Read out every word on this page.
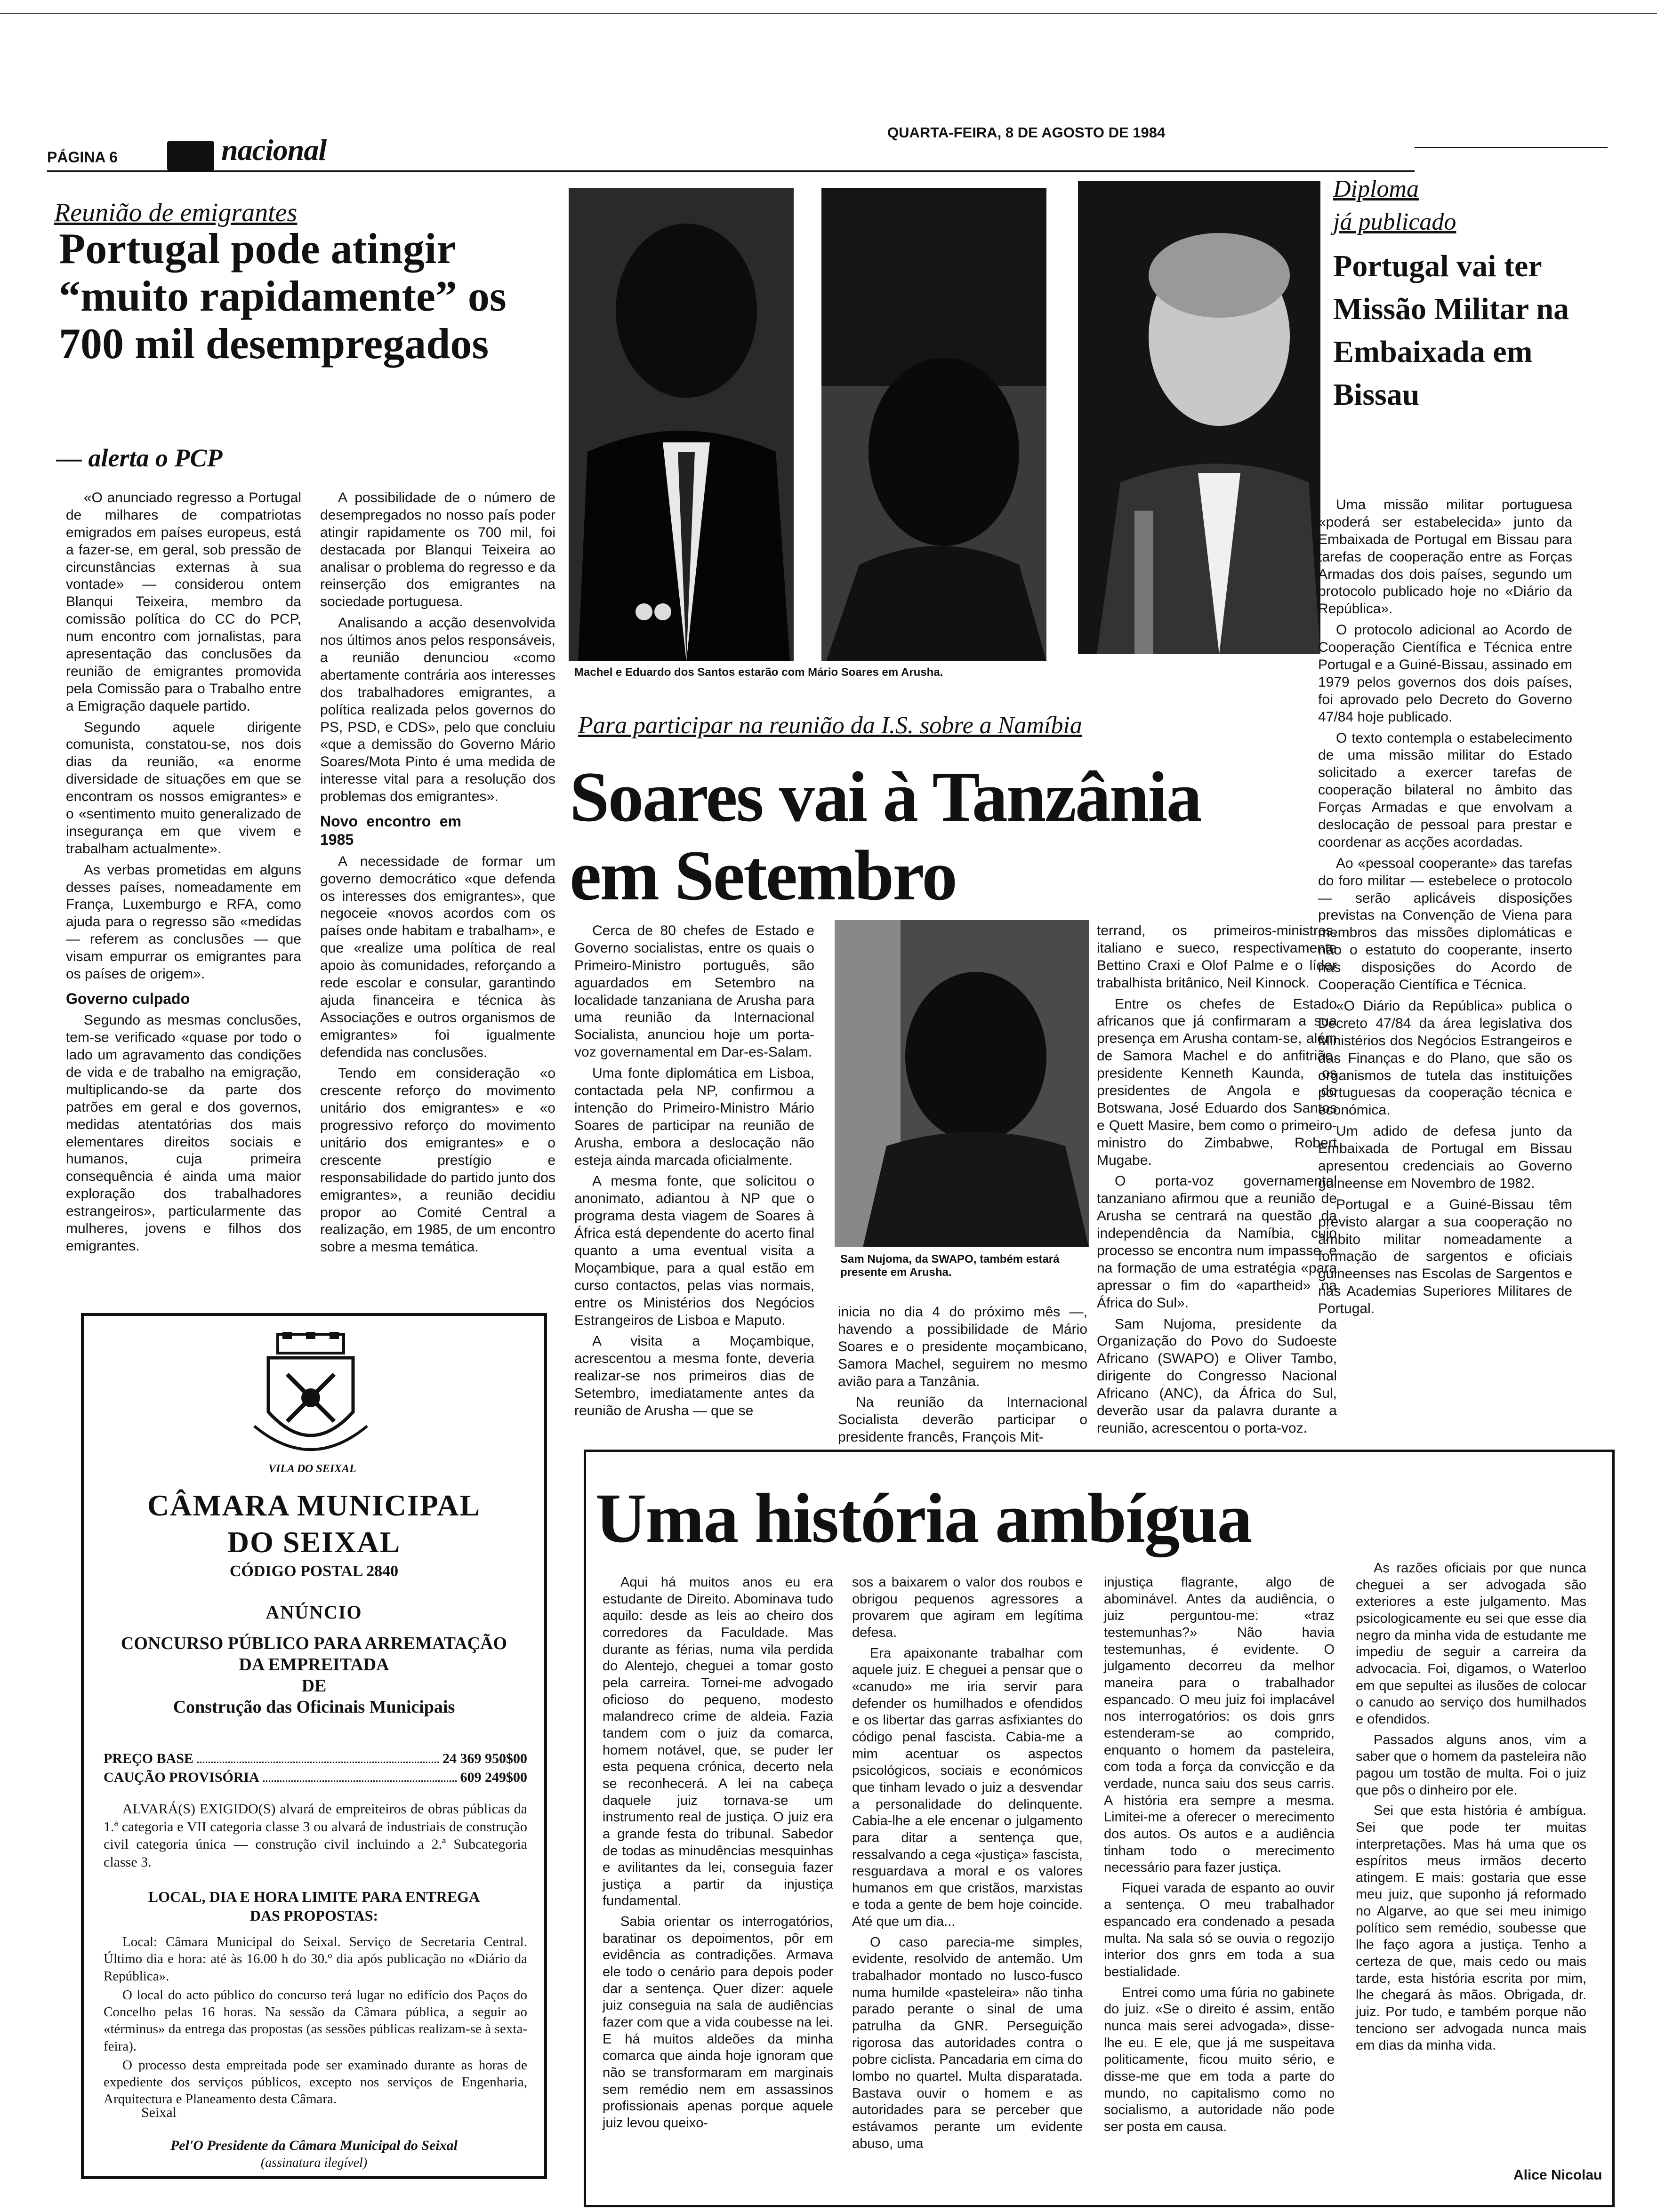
PÁGINA 6	nacional
QUARTA-FEIRA, 8 DE AGOSTO DE 1984
Reunião de emigrantes
Portugal pode atingir “muito rapidamente” os 700 mil desempregados
— alerta o PCP

«O anunciado regresso a Portugal de milhares de compatriotas emigrados em países europeus, está a fazer-se, em geral, sob pressão de circunstâncias externas à sua vontade» — considerou ontem Blanqui Teixeira, membro da comissão política do CC do PCP, num encontro com jornalistas, para apresentação das conclusões da reunião de emigrantes promovida pela Comissão para o Trabalho entre a Emigração daquele partido.

Segundo aquele dirigente comunista, constatou-se, nos dois dias da reunião, «a enorme diversidade de situações em que se encontram os nossos emigrantes» e o «sentimento muito generalizado de insegurança em que vivem e trabalham actualmente».

As verbas prometidas em alguns desses países, nomeadamente em França, Luxemburgo e RFA, como ajuda para o regresso são «medidas — referem as conclusões — que visam empurrar os emigrantes para os países de origem».

Governo culpado

Segundo as mesmas conclusões, tem-se verificado «quase por todo o lado um agravamento das condições de vida e de trabalho na emigração, multiplicando-se da parte dos patrões em geral e dos governos, medidas atentatórias dos mais elementares direitos sociais e humanos, cuja primeira consequência é ainda uma maior exploração dos trabalhadores estrangeiros», particularmente das mulheres, jovens e filhos dos emigrantes.

A possibilidade de o número de desempregados no nosso país poder atingir rapidamente os 700 mil, foi destacada por Blanqui Teixeira ao analisar o problema do regresso e da reinserção dos emigrantes na sociedade portuguesa.

Analisando a acção desenvolvida nos últimos anos pelos responsáveis, a reunião denunciou «como abertamente contrária aos interesses dos trabalhadores emigrantes, a política realizada pelos governos do PS, PSD, e CDS», pelo que concluiu «que a demissão do Governo Mário Soares/Mota Pinto é uma medida de interesse vital para a resolução dos problemas dos emigrantes».

Novo encontro em 1985

A necessidade de formar um governo democrático «que defenda os interesses dos emigrantes», que negoceie «novos acordos com os países onde habitam e trabalham», e que «realize uma política de real apoio às comunidades, reforçando a rede escolar e consular, garantindo ajuda financeira e técnica às Associações e outros organismos de emigrantes» foi igualmente defendida nas conclusões.

Tendo em consideração «o crescente reforço do movimento unitário dos emigrantes» e «o progressivo reforço do movimento unitário dos emigrantes» e o crescente prestígio e responsabilidade do partido junto dos emigrantes», a reunião decidiu propor ao Comité Central a realização, em 1985, de um encontro sobre a mesma temática.

Machel e Eduardo dos Santos estarão com Mário Soares em Arusha.
Para participar na reunião da I.S. sobre a Namíbia
Soares vai à Tanzânia em Setembro

Cerca de 80 chefes de Estado e Governo socialistas, entre os quais o Primeiro-Ministro português, são aguardados em Setembro na localidade tanzaniana de Arusha para uma reunião da Internacional Socialista, anunciou hoje um porta-voz governamental em Dar-es-Salam.

Uma fonte diplomática em Lisboa, contactada pela NP, confirmou a intenção do Primeiro-Ministro Mário Soares de participar na reunião de Arusha, embora a deslocação não esteja ainda marcada oficialmente.

A mesma fonte, que solicitou o anonimato, adiantou à NP que o programa desta viagem de Soares à África está dependente do acerto final quanto a uma eventual visita a Moçambique, para a qual estão em curso contactos, pelas vias normais, entre os Ministérios dos Negócios Estrangeiros de Lisboa e Maputo.

A visita a Moçambique, acrescentou a mesma fonte, deveria realizar-se nos primeiros dias de Setembro, imediatamente antes da reunião de Arusha — que se

Sam Nujoma, da SWAPO, também estará presente em Arusha.

inicia no dia 4 do próximo mês —, havendo a possibilidade de Mário Soares e o presidente moçambicano, Samora Machel, seguirem no mesmo avião para a Tanzânia.

Na reunião da Internacional Socialista deverão participar o presidente francês, François Mit-

terrand, os primeiros-ministros, italiano e sueco, respectivamente Bettino Craxi e Olof Palme e o líder trabalhista britânico, Neil Kinnock.

Entre os chefes de Estado africanos que já confirmaram a sua presença em Arusha contam-se, além de Samora Machel e do anfitrião, presidente Kenneth Kaunda, os presidentes de Angola e do Botswana, José Eduardo dos Santos e Quett Masire, bem como o primeiro-ministro do Zimbabwe, Robert Mugabe.

O porta-voz governamental tanzaniano afirmou que a reunião de Arusha se centrará na questão da independência da Namíbia, cujo processo se encontra num impasse, e na formação de uma estratégia «para apressar o fim do «apartheid» na África do Sul».

Sam Nujoma, presidente da Organização do Povo do Sudoeste Africano (SWAPO) e Oliver Tambo, dirigente do Congresso Nacional Africano (ANC), da África do Sul, deverão usar da palavra durante a reunião, acrescentou o porta-voz.

Diploma
já publicado
Portugal vai ter Missão Militar na Embaixada em Bissau

Uma missão militar portuguesa «poderá ser estabelecida» junto da Embaixada de Portugal em Bissau para tarefas de cooperação entre as Forças Armadas dos dois países, segundo um protocolo publicado hoje no «Diário da República».

O protocolo adicional ao Acordo de Cooperação Científica e Técnica entre Portugal e a Guiné-Bissau, assinado em 1979 pelos governos dos dois países, foi aprovado pelo Decreto do Governo 47/84 hoje publicado.

O texto contempla o estabelecimento de uma missão militar do Estado solicitado a exercer tarefas de cooperação bilateral no âmbito das Forças Armadas e que envolvam a deslocação de pessoal para prestar e coordenar as acções acordadas.

Ao «pessoal cooperante» das tarefas do foro militar — estebelece o protocolo — serão aplicáveis disposições previstas na Convenção de Viena para membros das missões diplomáticas e não o estatuto do cooperante, inserto nas disposições do Acordo de Cooperação Científica e Técnica.

«O Diário da República» publica o Decreto 47/84 da área legislativa dos Ministérios dos Negócios Estrangeiros e das Finanças e do Plano, que são os organismos de tutela das instituições portuguesas da cooperação técnica e económica.

Um adido de defesa junto da Embaixada de Portugal em Bissau apresentou credenciais ao Governo guineense em Novembro de 1982.

Portugal e a Guiné-Bissau têm previsto alargar a sua cooperação no âmbito militar nomeadamente a formação de sargentos e oficiais guineenses nas Escolas de Sargentos e nas Academias Superiores Militares de Portugal.

VILA DO SEIXAL
CÂMARA MUNICIPAL
DO SEIXAL
CÓDIGO POSTAL 2840
ANÚNCIO
CONCURSO PÚBLICO PARA ARREMATAÇÃO
DA EMPREITADA
DE
Construção das Oficinais Municipais
PREÇO BASE	24 369 950$00
CAUÇÃO PROVISÓRIA	609 249$00
ALVARÁ(S) EXIGIDO(S) alvará de empreiteiros de obras públicas da 1.ª categoria e VII categoria classe 3 ou alvará de industriais de construção civil categoria única — construção civil incluindo a 2.ª Subcategoria classe 3.
LOCAL, DIA E HORA LIMITE PARA ENTREGA
DAS PROPOSTAS:
Local: Câmara Municipal do Seixal. Serviço de Secretaria Central. Último dia e hora: até às 16.00 h do 30.º dia após publicação no «Diário da República».
O local do acto público do concurso terá lugar no edifício dos Paços do Concelho pelas 16 horas. Na sessão da Câmara pública, a seguir ao «términus» da entrega das propostas (as sessões públicas realizam-se à sexta-feira).
O processo desta empreitada pode ser examinado durante as horas de expediente dos serviços públicos, excepto nos serviços de Engenharia, Arquitectura e Planeamento desta Câmara.
Seixal
Pel'O Presidente da Câmara Municipal do Seixal
(assinatura ilegível)
Uma história ambígua

Aqui há muitos anos eu era estudante de Direito. Abominava tudo aquilo: desde as leis ao cheiro dos corredores da Faculdade. Mas durante as férias, numa vila perdida do Alentejo, cheguei a tomar gosto pela carreira. Tornei-me advogado oficioso do pequeno, modesto malandreco crime de aldeia. Fazia tandem com o juiz da comarca, homem notável, que, se puder ler esta pequena crónica, decerto nela se reconhecerá. A lei na cabeça daquele juiz tornava-se um instrumento real de justiça. O juiz era a grande festa do tribunal. Sabedor de todas as minudências mesquinhas e avilitantes da lei, conseguia fazer justiça a partir da injustiça fundamental.

Sabia orientar os interrogatórios, baratinar os depoimentos, pôr em evidência as contradições. Armava ele todo o cenário para depois poder dar a sentença. Quer dizer: aquele juiz conseguia na sala de audiências fazer com que a vida coubesse na lei. E há muitos aldeões da minha comarca que ainda hoje ignoram que não se transformaram em marginais sem remédio nem em assassinos profissionais apenas porque aquele juiz levou queixo-

sos a baixarem o valor dos roubos e obrigou pequenos agressores a provarem que agiram em legítima defesa.

Era apaixonante trabalhar com aquele juiz. E cheguei a pensar que o «canudo» me iria servir para defender os humilhados e ofendidos e os libertar das garras asfixiantes do código penal fascista. Cabia-me a mim acentuar os aspectos psicológicos, sociais e económicos que tinham levado o juiz a desvendar a personalidade do delinquente. Cabia-lhe a ele encenar o julgamento para ditar a sentença que, ressalvando a cega «justiça» fascista, resguardava a moral e os valores humanos em que cristãos, marxistas e toda a gente de bem hoje coincide. Até que um dia...

O caso parecia-me simples, evidente, resolvido de antemão. Um trabalhador montado no lusco-fusco numa humilde «pasteleira» não tinha parado perante o sinal de uma patrulha da GNR. Perseguição rigorosa das autoridades contra o pobre ciclista. Pancadaria em cima do lombo no quartel. Multa disparatada. Bastava ouvir o homem e as autoridades para se perceber que estávamos perante um evidente abuso, uma

injustiça flagrante, algo de abominável. Antes da audiência, o juiz perguntou-me: «traz testemunhas?» Não havia testemunhas, é evidente. O julgamento decorreu da melhor maneira para o trabalhador espancado. O meu juiz foi implacável nos interrogatórios: os dois gnrs estenderam-se ao comprido, enquanto o homem da pasteleira, com toda a força da convicção e da verdade, nunca saiu dos seus carris. A história era sempre a mesma. Limitei-me a oferecer o merecimento dos autos. Os autos e a audiência tinham todo o merecimento necessário para fazer justiça.

Fiquei varada de espanto ao ouvir a sentença. O meu trabalhador espancado era condenado a pesada multa. Na sala só se ouvia o regozijo interior dos gnrs em toda a sua bestialidade.

Entrei como uma fúria no gabinete do juiz. «Se o direito é assim, então nunca mais serei advogada», disse-lhe eu. E ele, que já me suspeitava politicamente, ficou muito sério, e disse-me que em toda a parte do mundo, no capitalismo como no socialismo, a autoridade não pode ser posta em causa.

As razões oficiais por que nunca cheguei a ser advogada são exteriores a este julgamento. Mas psicologicamente eu sei que esse dia negro da minha vida de estudante me impediu de seguir a carreira da advocacia. Foi, digamos, o Waterloo em que sepultei as ilusões de colocar o canudo ao serviço dos humilhados e ofendidos.

Passados alguns anos, vim a saber que o homem da pasteleira não pagou um tostão de multa. Foi o juiz que pôs o dinheiro por ele.

Sei que esta história é ambígua. Sei que pode ter muitas interpretações. Mas há uma que os espíritos meus irmãos decerto atingem. E mais: gostaria que esse meu juiz, que suponho já reformado no Algarve, ao que sei meu inimigo político sem remédio, soubesse que lhe faço agora a justiça. Tenho a certeza de que, mais cedo ou mais tarde, esta história escrita por mim, lhe chegará às mãos. Obrigada, dr. juiz. Por tudo, e também porque não tenciono ser advogada nunca mais em dias da minha vida.

Alice Nicolau
